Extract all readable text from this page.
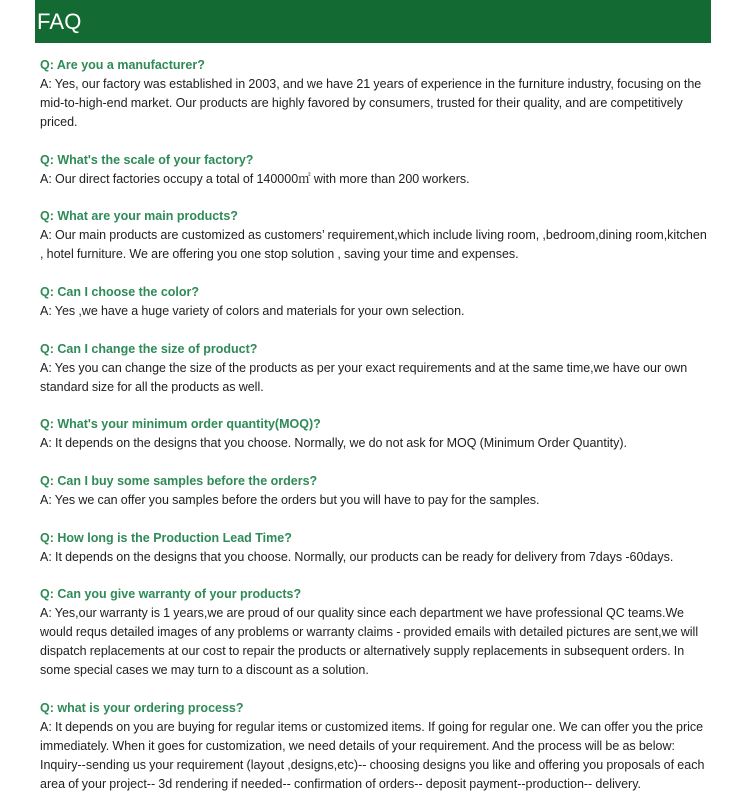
FAQ
Q: Are you a manufacturer?
A: Yes, our factory was established in 2003, and we have 21 years of experience in the furniture industry, focusing on the mid-to-high-end market. Our products are highly favored by consumers, trusted for their quality, and are competitively priced.
Q: What's the scale of your factory?
A: Our direct factories occupy a total of 140000㎡ with more than 200 workers.
Q: What are your main products?
A: Our main products are customized as customers’ requirement,which include living room, ,bedroom,dining room,kitchen , hotel furniture. We are offering you one stop solution , saving your time and expenses.
Q: Can I choose the color?
A: Yes ,we have a huge variety of colors and materials for your own selection.
Q: Can I change the size of product?
A: Yes you can change the size of the products as per your exact requirements and at the same time,we have our own standard size for all the products as well.
Q: What's your minimum order quantity(MOQ)?
A: It depends on the designs that you choose. Normally, we do not ask for MOQ (Minimum Order Quantity).
Q: Can I buy some samples before the orders?
A: Yes we can offer you samples before the orders but you will have to pay for the samples.
Q: How long is the Production Lead Time?
A: It depends on the designs that you choose. Normally, our products can be ready for delivery from 7days -60days.
Q: Can you give warranty of your products?
A: Yes,our warranty is 1 years,we are proud of our quality since each department we have professional QC teams.We would requs detailed images of any problems or warranty claims - provided emails with detailed pictures are sent,we will dispatch replacements at our cost to repair the products or alternatively supply replacements in subsequent orders. In some special cases we may turn to a discount as a solution.
Q: what is your ordering process?
A: It depends on you are buying for regular items or customized items. If going for regular one. We can offer you the price immediately. When it goes for customization, we need details of your requirement. And the process will be as below: Inquiry--sending us your requirement (layout ,designs,etc)-- choosing designs you like and offering you proposals of each area of your project-- 3d rendering if needed-- confirmation of orders-- deposit payment--production-- delivery.
